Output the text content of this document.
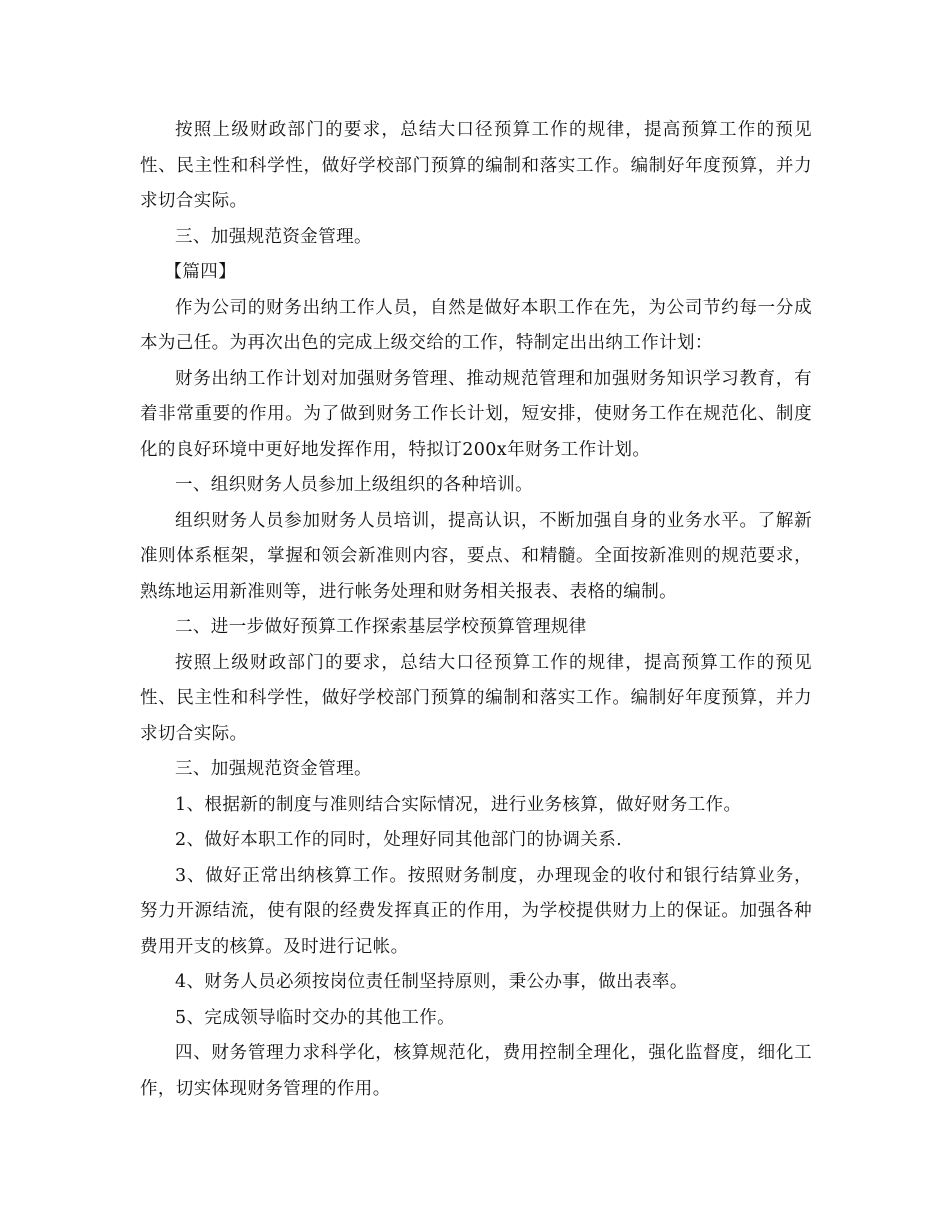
按照上级财政部门的要求，总结大口径预算工作的规律，提高预算工作的预见性、民主性和科学性，做好学校部门预算的编制和落实工作。编制好年度预算，并力求切合实际。

三、加强规范资金管理。

【篇四】

作为公司的财务出纳工作人员，自然是做好本职工作在先，为公司节约每一分成本为己任。为再次出色的完成上级交给的工作，特制定出出纳工作计划：

财务出纳工作计划对加强财务管理、推动规范管理和加强财务知识学习教育，有着非常重要的作用。为了做到财务工作长计划，短安排，使财务工作在规范化、制度化的良好环境中更好地发挥作用，特拟订200x年财务工作计划。

一、组织财务人员参加上级组织的各种培训。

组织财务人员参加财务人员培训，提高认识，不断加强自身的业务水平。了解新准则体系框架，掌握和领会新准则内容，要点、和精髓。全面按新准则的规范要求，熟练地运用新准则等，进行帐务处理和财务相关报表、表格的编制。

二、进一步做好预算工作探索基层学校预算管理规律

按照上级财政部门的要求，总结大口径预算工作的规律，提高预算工作的预见性、民主性和科学性，做好学校部门预算的编制和落实工作。编制好年度预算，并力求切合实际。

三、加强规范资金管理。

1、根据新的制度与准则结合实际情况，进行业务核算，做好财务工作。

2、做好本职工作的同时，处理好同其他部门的协调关系.

3、做好正常出纳核算工作。按照财务制度，办理现金的收付和银行结算业务，努力开源结流，使有限的经费发挥真正的作用，为学校提供财力上的保证。加强各种费用开支的核算。及时进行记帐。

4、财务人员必须按岗位责任制坚持原则，秉公办事，做出表率。

5、完成领导临时交办的其他工作。

四、财务管理力求科学化，核算规范化，费用控制全理化，强化监督度，细化工作，切实体现财务管理的作用。
